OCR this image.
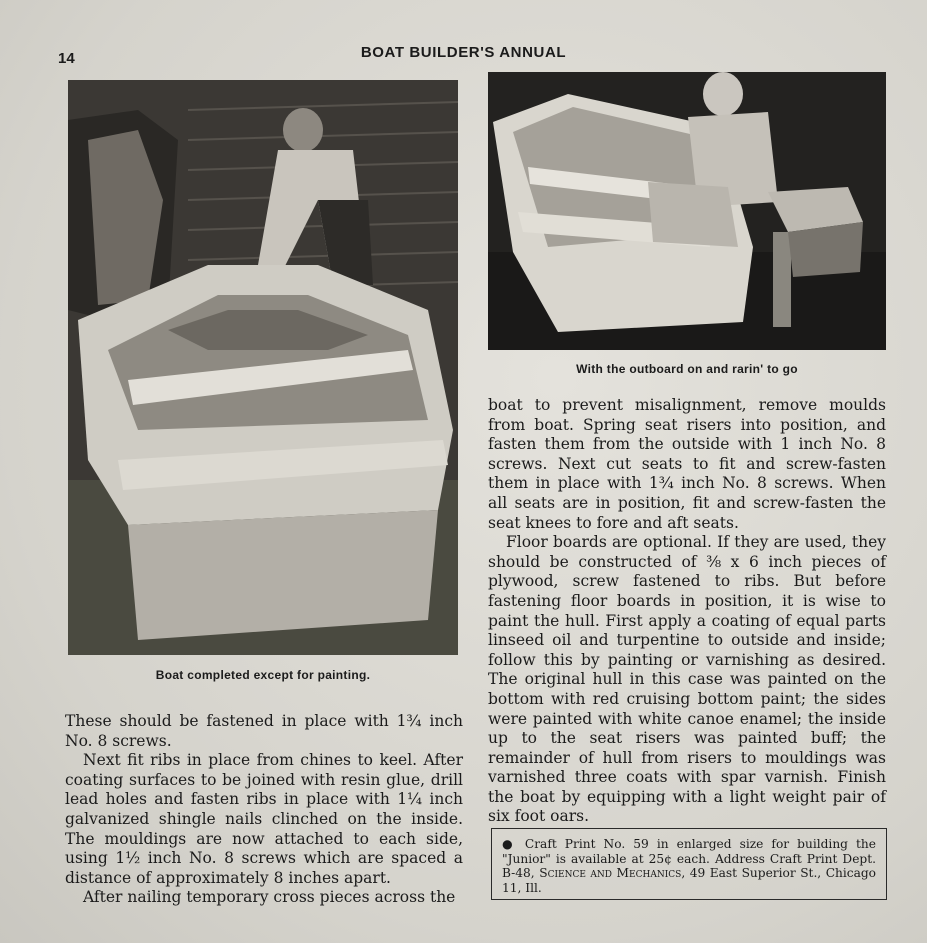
14	BOAT BUILDER'S ANNUAL
Boat completed except for painting.
With the outboard on and rarin' to go

These should be fastened in place with 1¾ inch No. 8 screws.

Next fit ribs in place from chines to keel. After coating surfaces to be joined with resin glue, drill lead holes and fasten ribs in place with 1¼ inch galvanized shingle nails clinched on the inside. The mouldings are now attached to each side, using 1½ inch No. 8 screws which are spaced a distance of approximately 8 inches apart.

After nailing temporary cross pieces across the

boat to prevent misalignment, remove moulds from boat. Spring seat risers into position, and fasten them from the outside with 1 inch No. 8 screws. Next cut seats to fit and screw-fasten them in place with 1¾ inch No. 8 screws. When all seats are in position, fit and screw-fasten the seat knees to fore and aft seats.

Floor boards are optional. If they are used, they should be constructed of ⅜ x 6 inch pieces of plywood, screw fastened to ribs. But before fastening floor boards in position, it is wise to paint the hull. First apply a coating of equal parts linseed oil and turpentine to outside and inside; follow this by painting or varnishing as desired. The original hull in this case was painted on the bottom with red cruising bottom paint; the sides were painted with white canoe enamel; the inside up to the seat risers was painted buff; the remainder of hull from risers to mouldings was varnished three coats with spar varnish. Finish the boat by equipping with a light weight pair of six foot oars.

● Craft Print No. 59 in enlarged size for building the "Junior" is available at 25¢ each. Address Craft Print Dept. B-48, Science and Mechanics, 49 East Superior St., Chicago 11, Ill.
